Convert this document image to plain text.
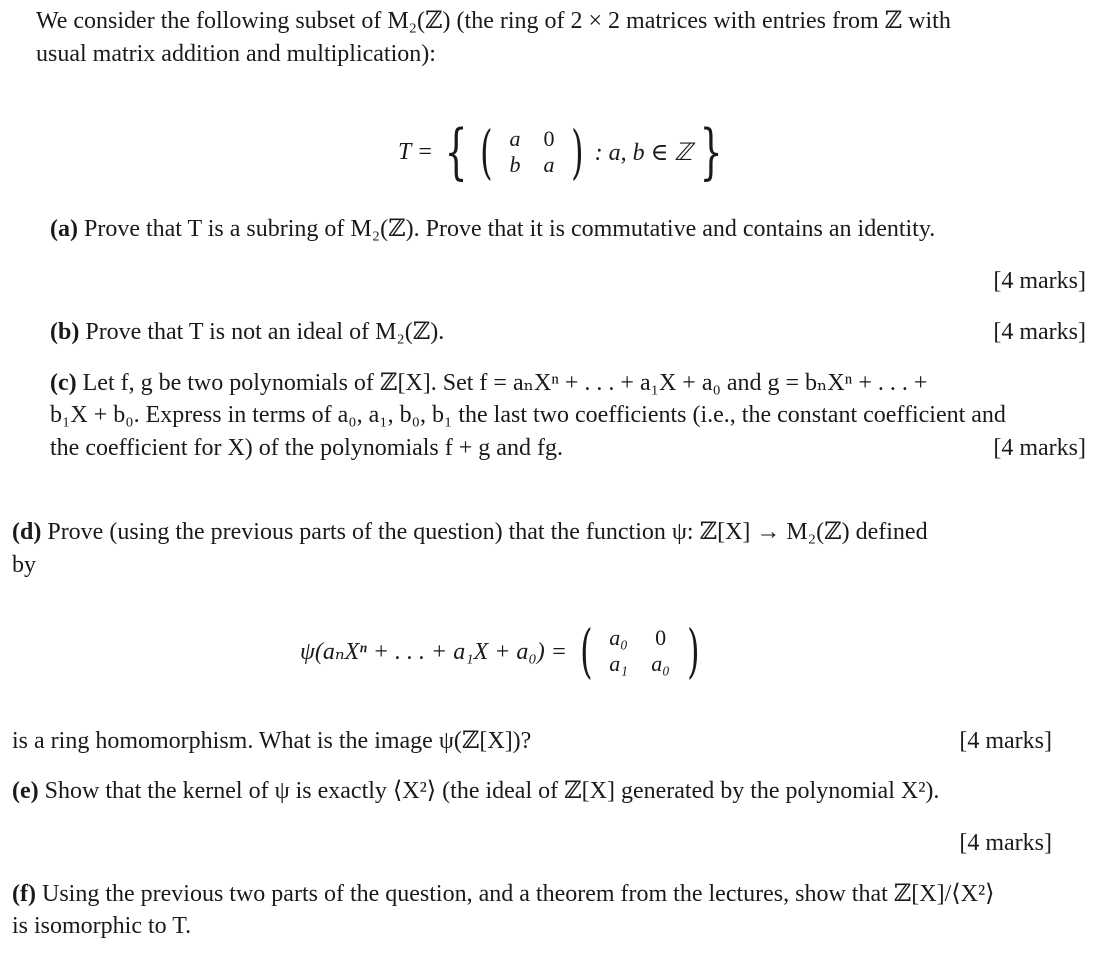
We consider the following subset of M₂(ℤ) (the ring of 2 × 2 matrices with entries from ℤ with
usual matrix addition and multiplication):
T = { ( a	0
b	a ) : a, b ∈ ℤ }
(a) Prove that T is a subring of M₂(ℤ). Prove that it is commutative and contains an identity.
[4 marks]
(b) Prove that T is not an ideal of M₂(ℤ).	[4 marks]
(c) Let f, g be two polynomials of ℤ[X]. Set f = aₙXⁿ + . . . + a₁X + a₀ and g = bₙXⁿ + . . . +
b₁X + b₀. Express in terms of a₀, a₁, b₀, b₁ the last two coefficients (i.e., the constant coefficient and
the coefficient for X) of the polynomials f + g and fg.	[4 marks]
(d) Prove (using the previous parts of the question) that the function ψ: ℤ[X] → M₂(ℤ) defined
by
ψ(aₙXⁿ + . . . + a₁X + a₀) = ( a₀	0
a₁	a₀ )
is a ring homomorphism. What is the image ψ(ℤ[X])?	[4 marks]
(e) Show that the kernel of ψ is exactly ⟨X²⟩ (the ideal of ℤ[X] generated by the polynomial X²).
[4 marks]
(f) Using the previous two parts of the question, and a theorem from the lectures, show that ℤ[X]/⟨X²⟩
is isomorphic to T.
